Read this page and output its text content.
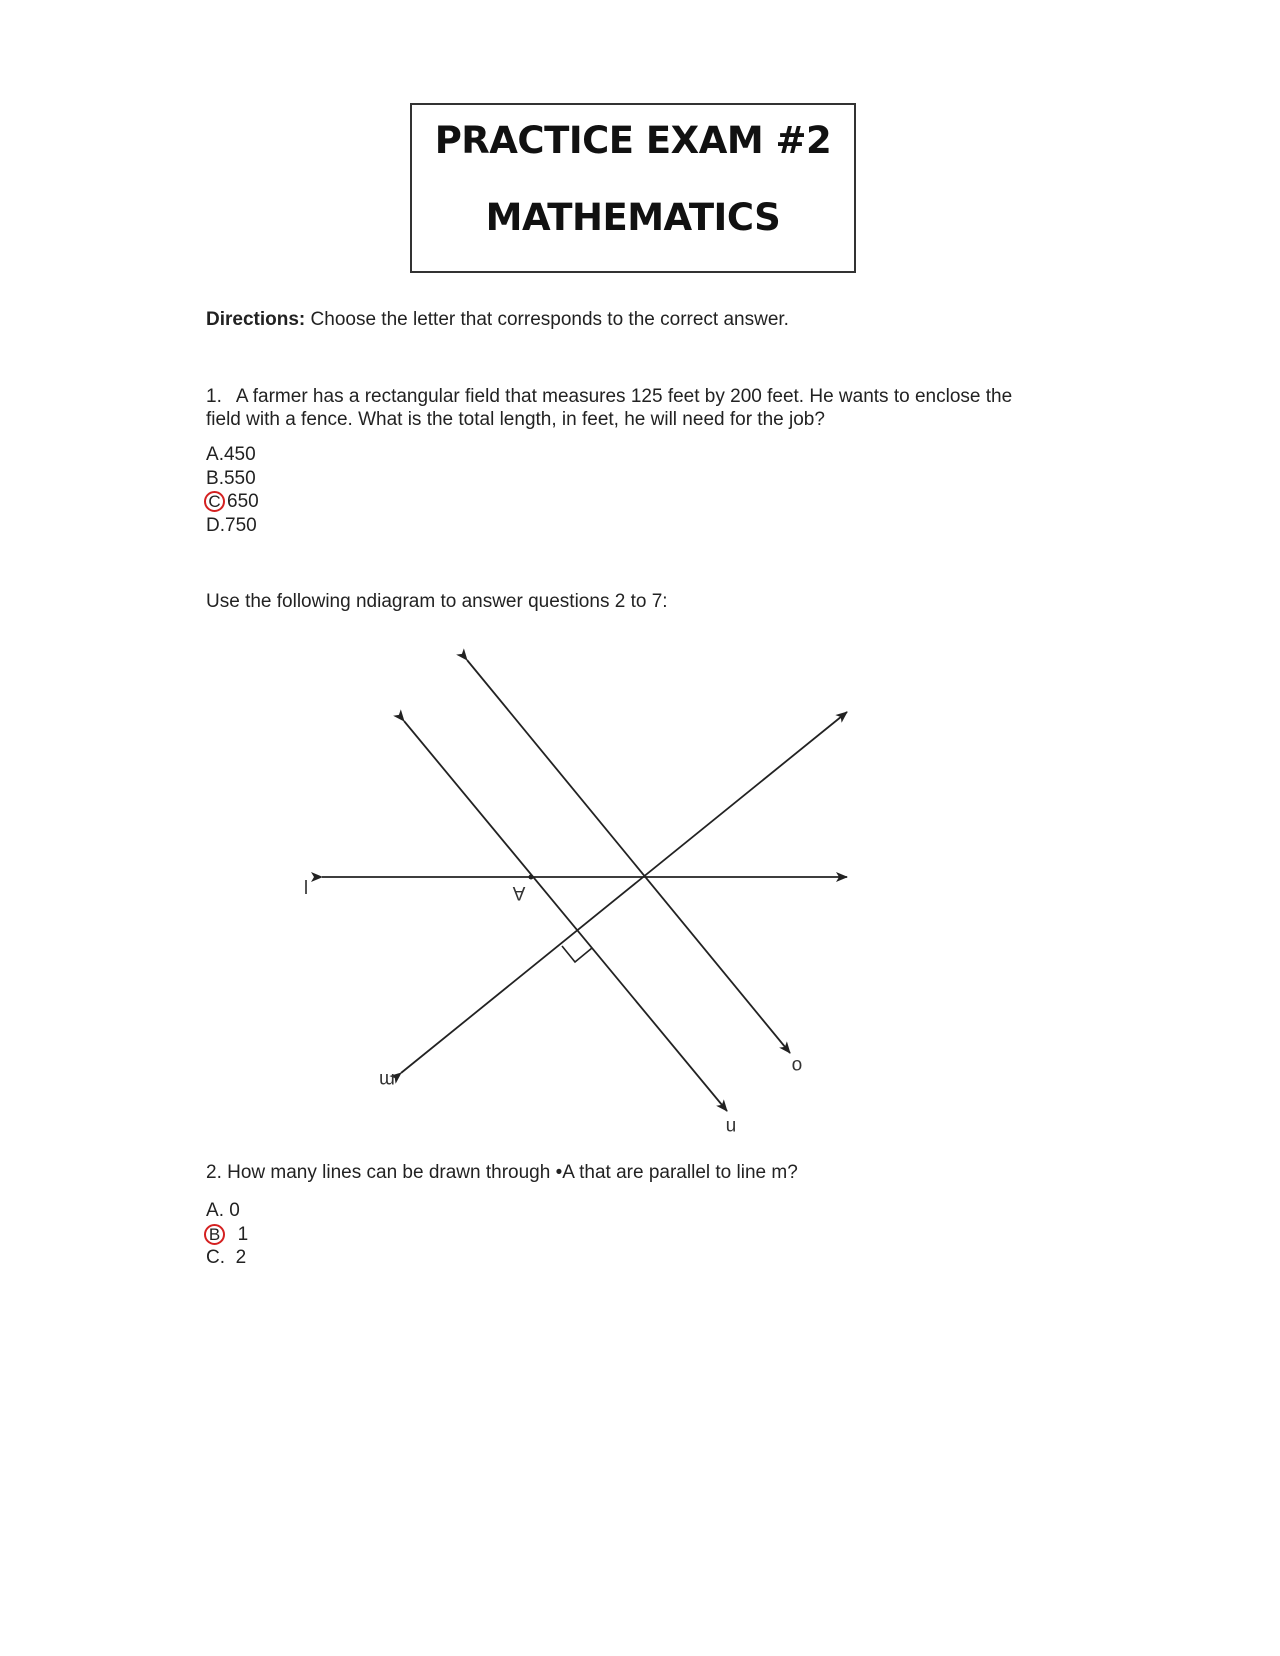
PRACTICE EXAM #2
MATHEMATICS
Directions: Choose the letter that corresponds to the correct answer.
1. A farmer has a rectangular field that measures 125 feet by 200 feet. He wants to enclose the field with a fence. What is the total length, in feet, he will need for the job?
A.450
B.550
C 650
D.750
Use the following ndiagram to answer questions 2 to 7:
l	A
m
n
o
2. How many lines can be drawn through •A that are parallel to line m?
A. 0
B 1
C.  2
